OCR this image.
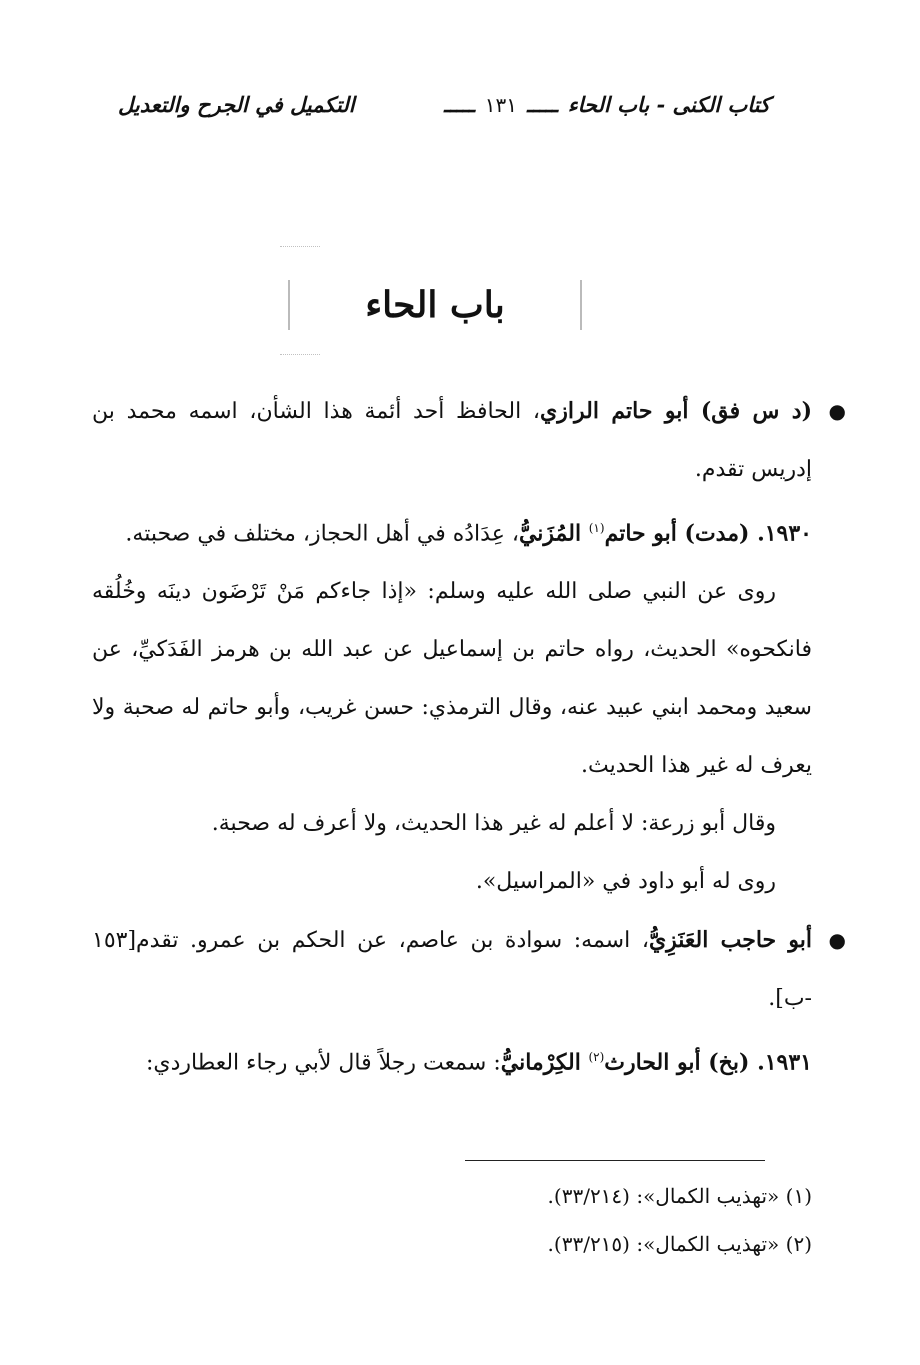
كتاب الكنى - باب الحاء
ـــــ
١٣١
ـــــ
التكميل في الجرح والتعديل
باب الحاء

●
(د س فق) أبو حاتم الرازي، الحافظ أحد أئمة هذا الشأن، اسمه محمد بن إدريس تقدم.

١٩٣٠. (مدت) أبو حاتم$^{(١)}$ المُزَنيُّ، عِدَادُه في أهل الحجاز، مختلف في صحبته.

روى عن النبي صلى الله عليه وسلم: «إذا جاءكم مَنْ تَرْضَون دينَه وخُلُقه فانكحوه» الحديث، رواه حاتم بن إسماعيل عن عبد الله بن هرمز الفَدَكيِّ، عن سعيد ومحمد ابني عبيد عنه، وقال الترمذي: حسن غريب، وأبو حاتم له صحبة ولا يعرف له غير هذا الحديث.

وقال أبو زرعة: لا أعلم له غير هذا الحديث، ولا أعرف له صحبة.

روى له أبو داود في «المراسيل».

●
أبو حاجب العَنَزِيُّ، اسمه: سوادة بن عاصم، عن الحكم بن عمرو. تقدم[١٥٣ -ب].

١٩٣١. (بخ) أبو الحارث$^{(٢)}$ الكِرْمانيُّ: سمعت رجلاً قال لأبي رجاء العطاردي:

(١) «تهذيب الكمال»: (٣٣/٢١٤).

(٢) «تهذيب الكمال»: (٣٣/٢١٥).
